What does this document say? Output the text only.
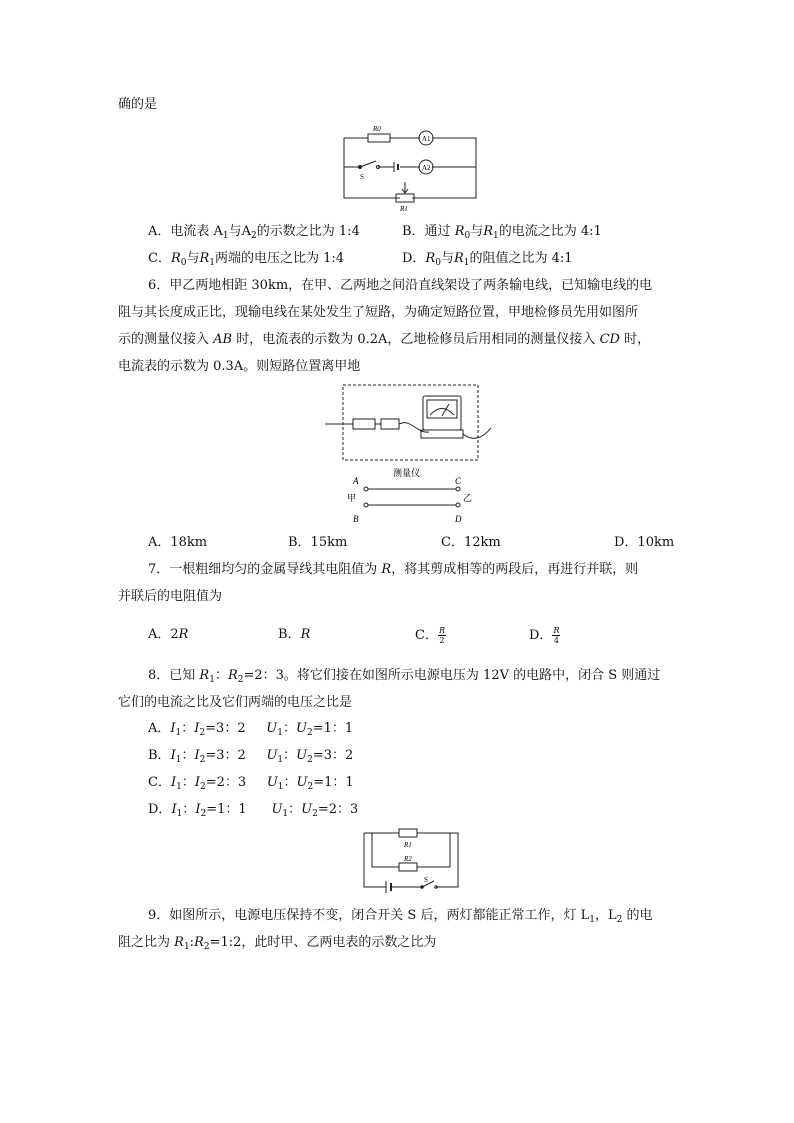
确的是
R0
A1
A2
S
R1
A．电流表 $A_1$与$A_2$的示数之比为 1:4	B．通过 $R_0$与$R_1$的电流之比为 4:1
C．$R_0$与$R_1$两端的电压之比为 1:4	D．$R_0$与$R_1$的阻值之比为 4:1
6．甲乙两地相距 30km，在甲、乙两地之间沿直线架设了两条输电线，已知输电线的电
阻与其长度成正比，现输电线在某处发生了短路，为确定短路位置，甲地检修员先用如图所
示的测量仪接入 AB 时，电流表的示数为 0.2A，乙地检修员后用相同的测量仪接入 CD 时，
电流表的示数为 0.3A。则短路位置离甲地
测量仪
A
B
C
D
甲	乙
A．18km	B．15km	C．12km	D．10km
7．一根粗细均匀的金属导线其电阻值为 R，将其剪成相等的两段后，再进行并联，则
并联后的电阻值为
A．2R	B．R	C． $\frac{R}{2}$	D． $\frac{R}{4}$
8．已知 $R_1$：$R_2=2$：3。将它们接在如图所示电源电压为 12V 的电路中，闭合 S 则通过
它们的电流之比及它们两端的电压之比是
A．$I_1$：$I_2=3$：2 $U_1$：$U_2=1$：1
B．$I_1$：$I_2=3$：2 $U_1$：$U_2=3$：2
C．$I_1$：$I_2=2$：3 $U_1$：$U_2=1$：1
D．$I_1$：$I_2=1$：1 $U_1$：$U_2=2$：3
R1
R2
S
9．如图所示，电源电压保持不变，闭合开关 S 后，两灯都能正常工作，灯 $L_1$，$L_2$ 的电
阻之比为 $R_1:R_2=1:2$，此时甲、乙两电表的示数之比为
